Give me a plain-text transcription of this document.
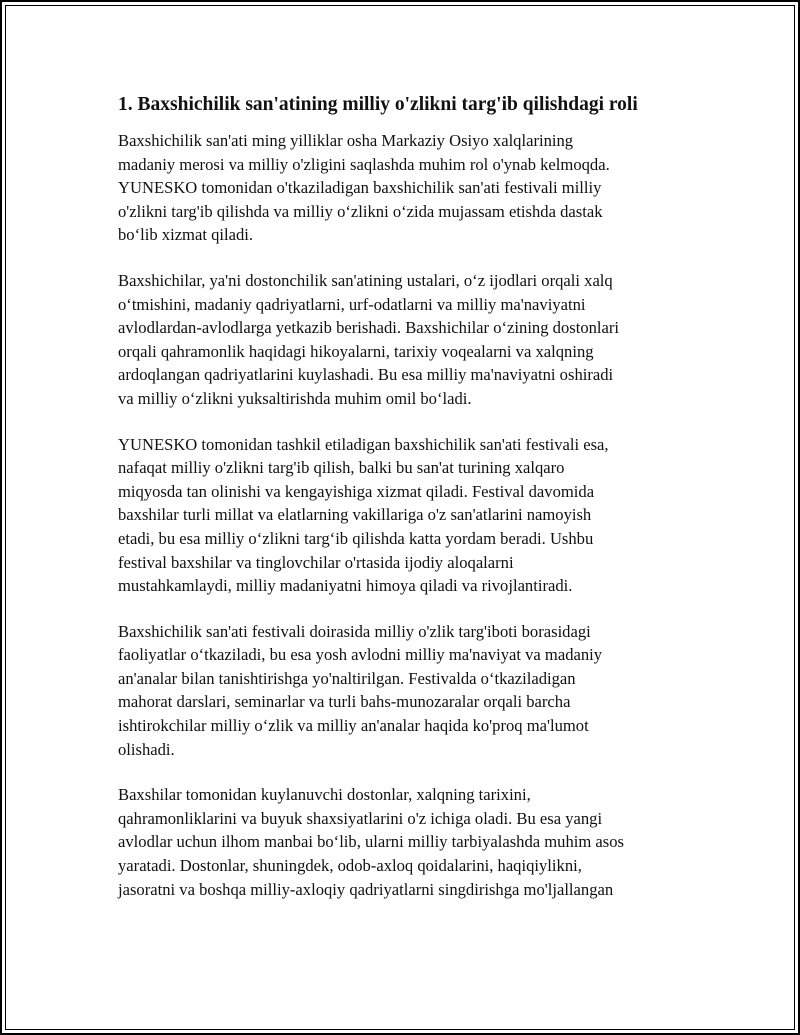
1. Baxshichilik san'atining milliy o'zlikni targ'ib qilishdagi roli

Baxshichilik san'ati ming yilliklar osha Markaziy Osiyo xalqlarining
madaniy merosi va milliy o'zligini saqlashda muhim rol o'ynab kelmoqda.
YUNESKO tomonidan o'tkaziladigan baxshichilik san'ati festivali milliy
o'zlikni targ'ib qilishda va milliy o‘zlikni o‘zida mujassam etishda dastak
bo‘lib xizmat qiladi.

Baxshichilar, ya'ni dostonchilik san'atining ustalari, o‘z ijodlari orqali xalq
o‘tmishini, madaniy qadriyatlarni, urf-odatlarni va milliy ma'naviyatni
avlodlardan-avlodlarga yetkazib berishadi. Baxshichilar o‘zining dostonlari
orqali qahramonlik haqidagi hikoyalarni, tarixiy voqealarni va xalqning
ardoqlangan qadriyatlarini kuylashadi. Bu esa milliy ma'naviyatni oshiradi
va milliy o‘zlikni yuksaltirishda muhim omil bo‘ladi.

YUNESKO tomonidan tashkil etiladigan baxshichilik san'ati festivali esa,
nafaqat milliy o'zlikni targ'ib qilish, balki bu san'at turining xalqaro
miqyosda tan olinishi va kengayishiga xizmat qiladi. Festival davomida
baxshilar turli millat va elatlarning vakillariga o'z san'atlarini namoyish
etadi, bu esa milliy o‘zlikni targ‘ib qilishda katta yordam beradi. Ushbu
festival baxshilar va tinglovchilar o'rtasida ijodiy aloqalarni
mustahkamlaydi, milliy madaniyatni himoya qiladi va rivojlantiradi.

Baxshichilik san'ati festivali doirasida milliy o'zlik targ'iboti borasidagi
faoliyatlar o‘tkaziladi, bu esa yosh avlodni milliy ma'naviyat va madaniy
an'analar bilan tanishtirishga yo'naltirilgan. Festivalda o‘tkaziladigan
mahorat darslari, seminarlar va turli bahs-munozaralar orqali barcha
ishtirokchilar milliy o‘zlik va milliy an'analar haqida ko'proq ma'lumot
olishadi.

Baxshilar tomonidan kuylanuvchi dostonlar, xalqning tarixini,
qahramonliklarini va buyuk shaxsiyatlarini o'z ichiga oladi. Bu esa yangi
avlodlar uchun ilhom manbai bo‘lib, ularni milliy tarbiyalashda muhim asos
yaratadi. Dostonlar, shuningdek, odob-axloq qoidalarini, haqiqiylikni,
jasoratni va boshqa milliy-axloqiy qadriyatlarni singdirishga mo'ljallangan
